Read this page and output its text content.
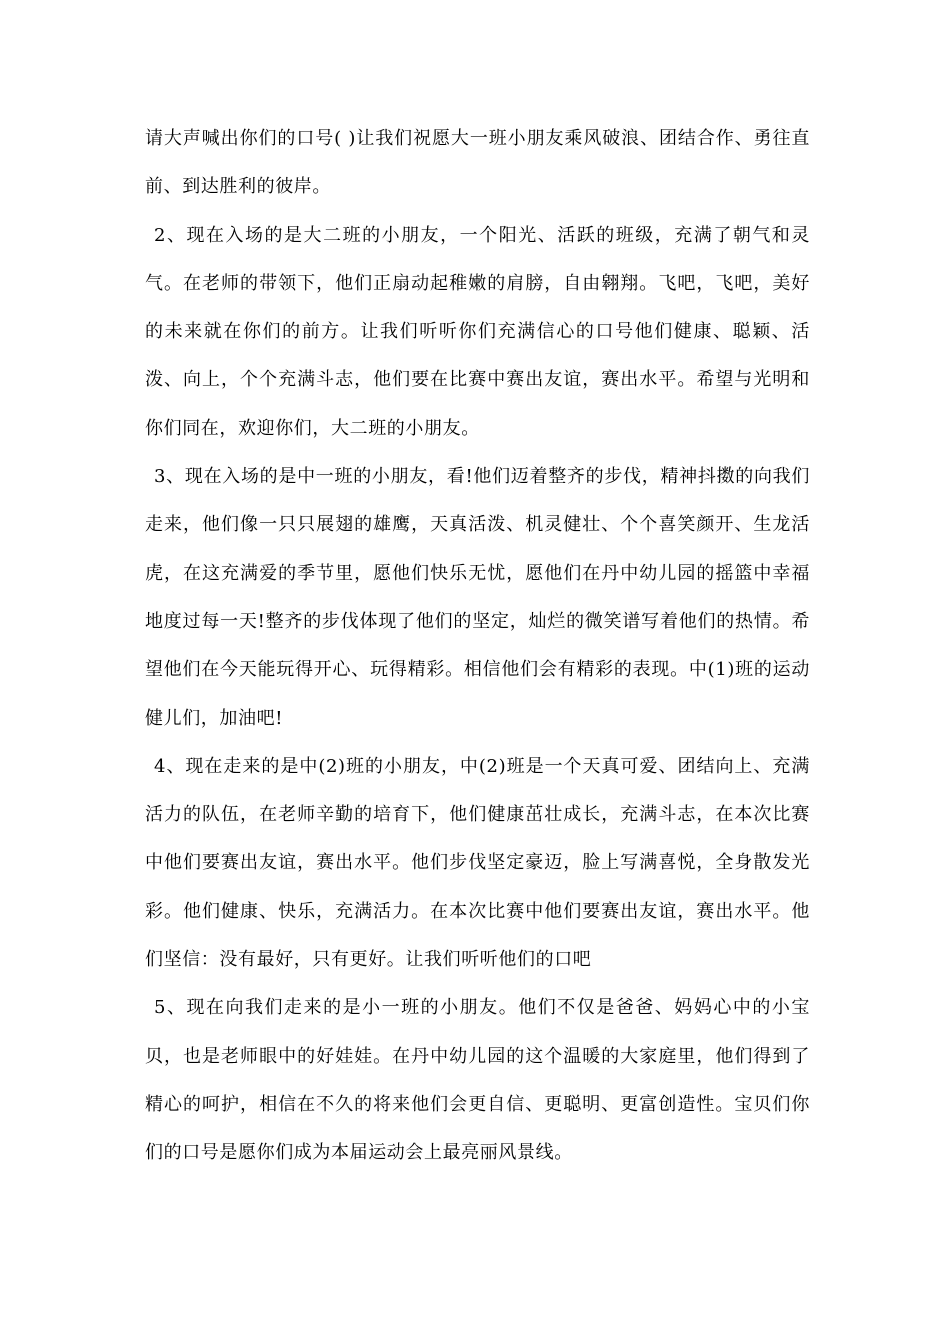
请大声喊出你们的口号( )让我们祝愿大一班小朋友乘风破浪、团结合作、勇往直前、到达胜利的彼岸。

2、现在入场的是大二班的小朋友，一个阳光、活跃的班级，充满了朝气和灵气。在老师的带领下，他们正扇动起稚嫩的肩膀，自由翱翔。飞吧，飞吧，美好的未来就在你们的前方。让我们听听你们充满信心的口号他们健康、聪颖、活泼、向上，个个充满斗志，他们要在比赛中赛出友谊，赛出水平。希望与光明和你们同在，欢迎你们，大二班的小朋友。

3、现在入场的是中一班的小朋友，看!他们迈着整齐的步伐，精神抖擞的向我们走来，他们像一只只展翅的雄鹰，天真活泼、机灵健壮、个个喜笑颜开、生龙活虎，在这充满爱的季节里，愿他们快乐无忧，愿他们在丹中幼儿园的摇篮中幸福地度过每一天!整齐的步伐体现了他们的坚定，灿烂的微笑谱写着他们的热情。希望他们在今天能玩得开心、玩得精彩。相信他们会有精彩的表现。中(1)班的运动健儿们，加油吧!

4、现在走来的是中(2)班的小朋友，中(2)班是一个天真可爱、团结向上、充满活力的队伍，在老师辛勤的培育下，他们健康茁壮成长，充满斗志，在本次比赛中他们要赛出友谊，赛出水平。他们步伐坚定豪迈，脸上写满喜悦，全身散发光彩。他们健康、快乐，充满活力。在本次比赛中他们要赛出友谊，赛出水平。他们坚信：没有最好，只有更好。让我们听听他们的口吧

5、现在向我们走来的是小一班的小朋友。他们不仅是爸爸、妈妈心中的小宝贝，也是老师眼中的好娃娃。在丹中幼儿园的这个温暖的大家庭里，他们得到了精心的呵护，相信在不久的将来他们会更自信、更聪明、更富创造性。宝贝们你们的口号是愿你们成为本届运动会上最亮丽风景线。
